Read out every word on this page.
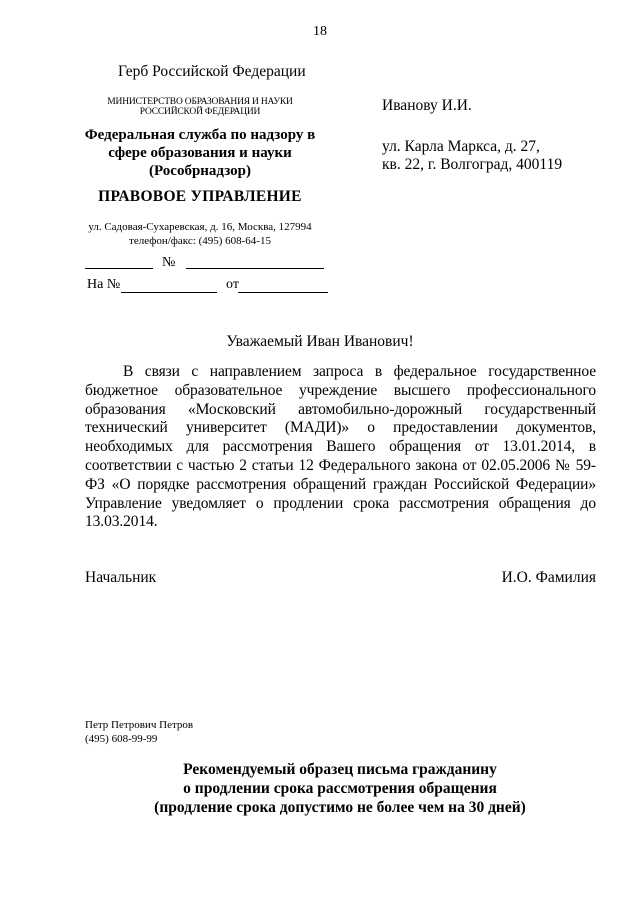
18
Герб Российской Федерации
МИНИСТЕРСТВО ОБРАЗОВАНИЯ И НАУКИ
РОССИЙСКОЙ ФЕДЕРАЦИИ
Федеральная служба по надзору в
сфере образования и науки
(Рособрнадзор)
ПРАВОВОЕ УПРАВЛЕНИЕ
ул. Садовая-Сухаревская, д. 16, Москва, 127994
телефон/факс: (495) 608-64-15
Иванову И.И.
ул. Карла Маркса, д. 27,
кв. 22, г. Волгоград, 400119
№
На №	от
Уважаемый Иван Иванович!
В связи с направлением запроса в федеральное государственное бюджетное образовательное учреждение высшего профессионального образования «Московский автомобильно-дорожный государственный технический университет (МАДИ)» о предоставлении документов, необходимых для рассмотрения Вашего обращения от 13.01.2014, в соответствии с частью 2 статьи 12 Федерального закона от 02.05.2006 № 59-ФЗ «О порядке рассмотрения обращений граждан Российской Федерации» Управление уведомляет о продлении срока рассмотрения обращения до 13.03.2014.
Начальник	И.О. Фамилия
Петр Петрович Петров
(495) 608-99-99
Рекомендуемый образец письма гражданину
о продлении срока рассмотрения обращения
(продление срока допустимо не более чем на 30 дней)
